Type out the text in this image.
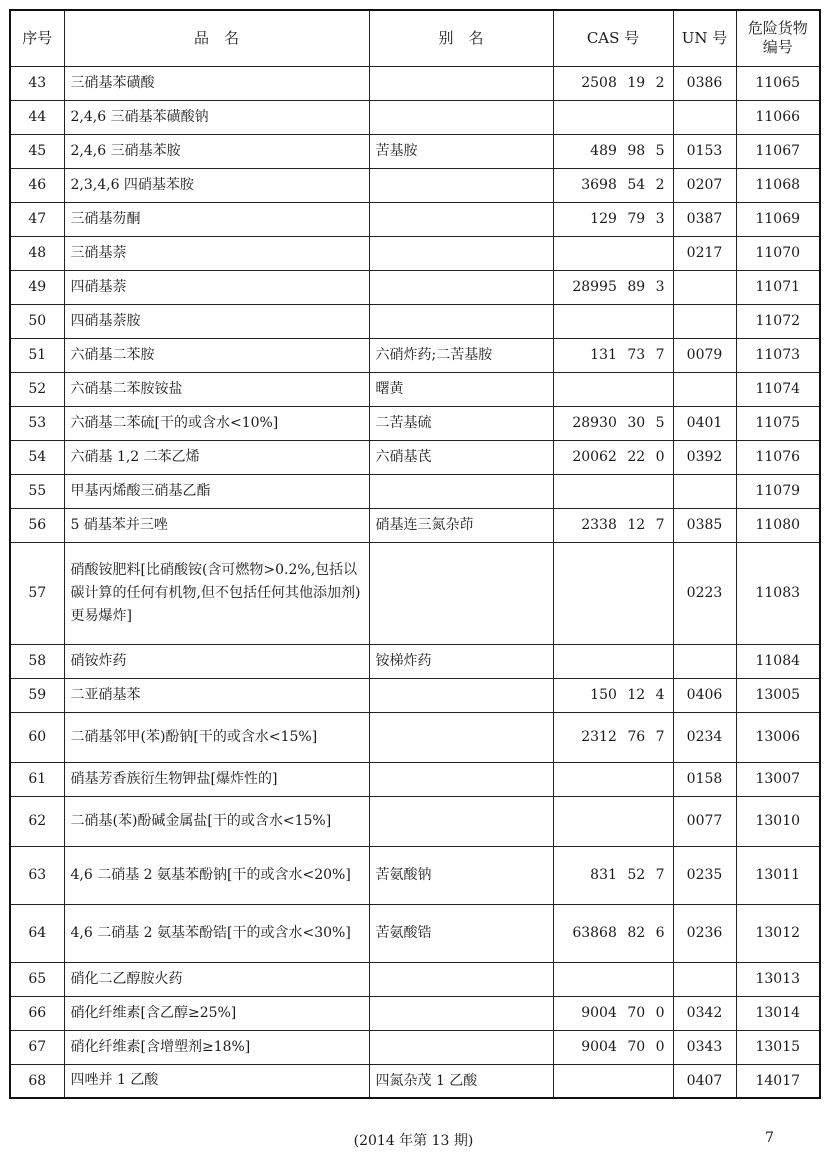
序号	品　名	别　名	CAS 号	UN 号	危险货物
编号

43	三硝基苯磺酸		2508 19 2	0386	11065
44	2,4,6 三硝基苯磺酸钠				11066
45	2,4,6 三硝基苯胺	苦基胺	489 98 5	0153	11067
46	2,3,4,6 四硝基苯胺		3698 54 2	0207	11068
47	三硝基芴酮		129 79 3	0387	11069
48	三硝基萘			0217	11070
49	四硝基萘		28995 89 3		11071
50	四硝基萘胺				11072
51	六硝基二苯胺	六硝炸药;二苦基胺	131 73 7	0079	11073
52	六硝基二苯胺铵盐	曙黄			11074
53	六硝基二苯硫[干的或含水<10%]	二苦基硫	28930 30 5	0401	11075
54	六硝基 1,2 二苯乙烯	六硝基芪	20062 22 0	0392	11076
55	甲基丙烯酸三硝基乙酯				11079
56	5 硝基苯并三唑	硝基连三氮杂茚	2338 12 7	0385	11080
57	硝酸铵肥料[比硝酸铵(含可燃物>0.2%,包括以碳计算的任何有机物,但不包括任何其他添加剂)更易爆炸]			0223	11083
58	硝铵炸药	铵梯炸药			11084
59	二亚硝基苯		150 12 4	0406	13005
60	二硝基邻甲(苯)酚钠[干的或含水<15%]		2312 76 7	0234	13006
61	硝基芳香族衍生物钾盐[爆炸性的]			0158	13007
62	二硝基(苯)酚碱金属盐[干的或含水<15%]			0077	13010
63	4,6 二硝基 2 氨基苯酚钠[干的或含水<20%]	苦氨酸钠	831 52 7	0235	13011
64	4,6 二硝基 2 氨基苯酚锆[干的或含水<30%]	苦氨酸锆	63868 82 6	0236	13012
65	硝化二乙醇胺火药				13013
66	硝化纤维素[含乙醇≥25%]		9004 70 0	0342	13014
67	硝化纤维素[含增塑剂≥18%]		9004 70 0	0343	13015
68	四唑并 1 乙酸	四氮杂茂 1 乙酸		0407	14017
(2014 年第 13 期)	7
